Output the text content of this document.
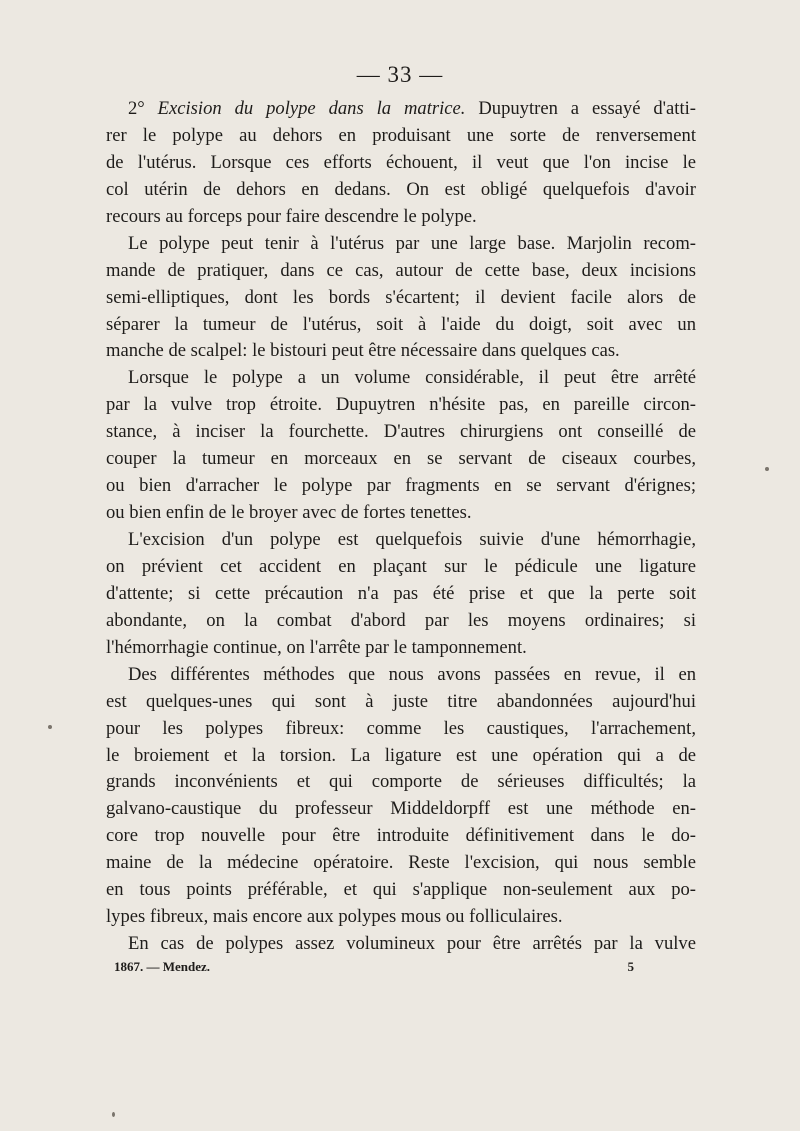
— 33 —
2° Excision du polype dans la matrice. Dupuytren a essayé d'atti-
rer le polype au dehors en produisant une sorte de renversement
de l'utérus. Lorsque ces efforts échouent, il veut que l'on incise le
col utérin de dehors en dedans. On est obligé quelquefois d'avoir
recours au forceps pour faire descendre le polype.
Le polype peut tenir à l'utérus par une large base. Marjolin recom-
mande de pratiquer, dans ce cas, autour de cette base, deux incisions
semi-elliptiques, dont les bords s'écartent; il devient facile alors de
séparer la tumeur de l'utérus, soit à l'aide du doigt, soit avec un
manche de scalpel: le bistouri peut être nécessaire dans quelques cas.
Lorsque le polype a un volume considérable, il peut être arrêté
par la vulve trop étroite. Dupuytren n'hésite pas, en pareille circon-
stance, à inciser la fourchette. D'autres chirurgiens ont conseillé de
couper la tumeur en morceaux en se servant de ciseaux courbes,
ou bien d'arracher le polype par fragments en se servant d'érignes;
ou bien enfin de le broyer avec de fortes tenettes.
L'excision d'un polype est quelquefois suivie d'une hémorrhagie,
on prévient cet accident en plaçant sur le pédicule une ligature
d'attente; si cette précaution n'a pas été prise et que la perte soit
abondante, on la combat d'abord par les moyens ordinaires; si
l'hémorrhagie continue, on l'arrête par le tamponnement.
Des différentes méthodes que nous avons passées en revue, il en
est quelques-unes qui sont à juste titre abandonnées aujourd'hui
pour les polypes fibreux: comme les caustiques, l'arrachement,
le broiement et la torsion. La ligature est une opération qui a de
grands inconvénients et qui comporte de sérieuses difficultés; la
galvano-caustique du professeur Middeldorpff est une méthode en-
core trop nouvelle pour être introduite définitivement dans le do-
maine de la médecine opératoire. Reste l'excision, qui nous semble
en tous points préférable, et qui s'applique non-seulement aux po-
lypes fibreux, mais encore aux polypes mous ou folliculaires.
En cas de polypes assez volumineux pour être arrêtés par la vulve
1867. — Mendez.	5
